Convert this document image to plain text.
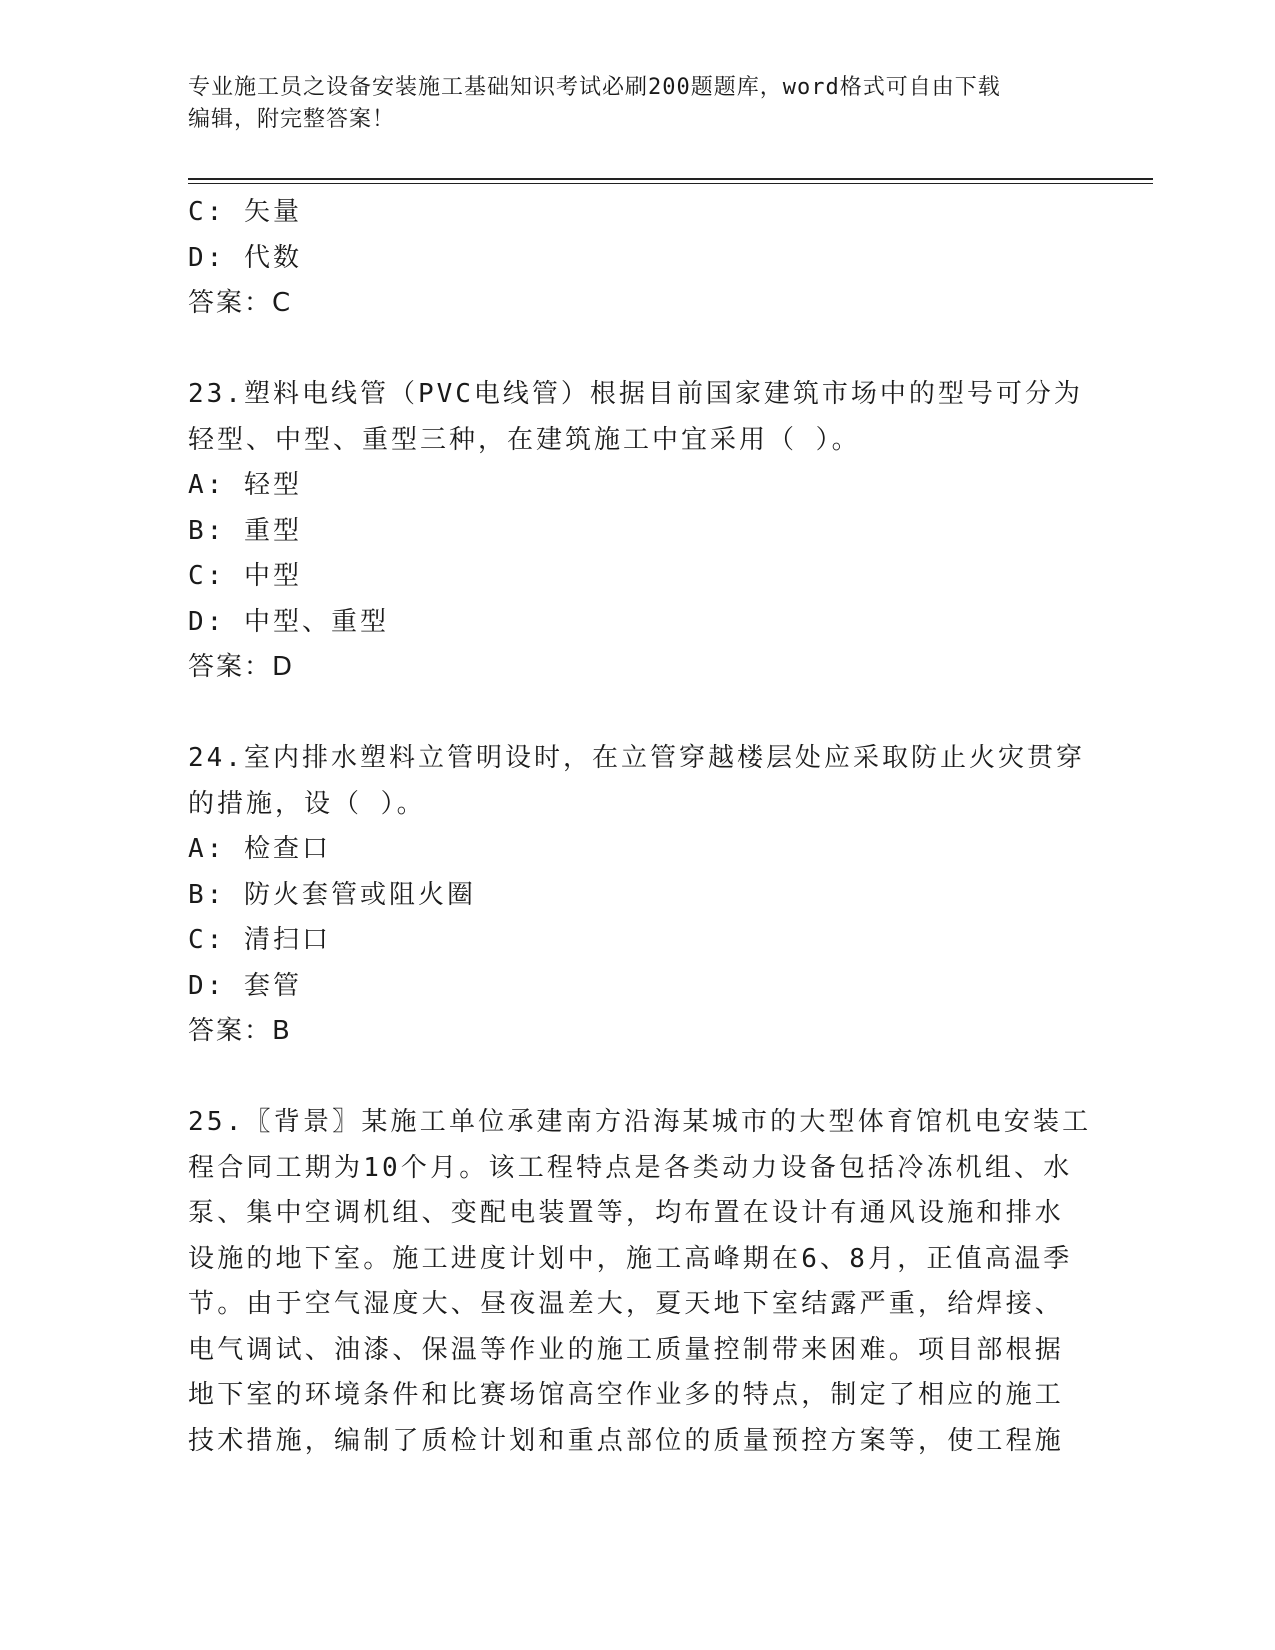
专业施工员之设备安装施工基础知识考试必刷200题题库，word格式可自由下载
编辑，附完整答案！
C: 矢量
D: 代数
答案：C
23.塑料电线管（PVC电线管）根据目前国家建筑市场中的型号可分为
轻型、中型、重型三种，在建筑施工中宜采用（ ）。
A: 轻型
B: 重型
C: 中型
D: 中型、重型
答案：D
24.室内排水塑料立管明设时，在立管穿越楼层处应采取防止火灾贯穿
的措施，设（ ）。
A: 检查口
B: 防火套管或阻火圈
C: 清扫口
D: 套管
答案：B
25.〖背景〗某施工单位承建南方沿海某城市的大型体育馆机电安装工
程合同工期为10个月。该工程特点是各类动力设备包括冷冻机组、水
泵、集中空调机组、变配电装置等，均布置在设计有通风设施和排水
设施的地下室。施工进度计划中，施工高峰期在6、8月，正值高温季
节。由于空气湿度大、昼夜温差大，夏天地下室结露严重，给焊接、
电气调试、油漆、保温等作业的施工质量控制带来困难。项目部根据
地下室的环境条件和比赛场馆高空作业多的特点，制定了相应的施工
技术措施，编制了质检计划和重点部位的质量预控方案等，使工程施
